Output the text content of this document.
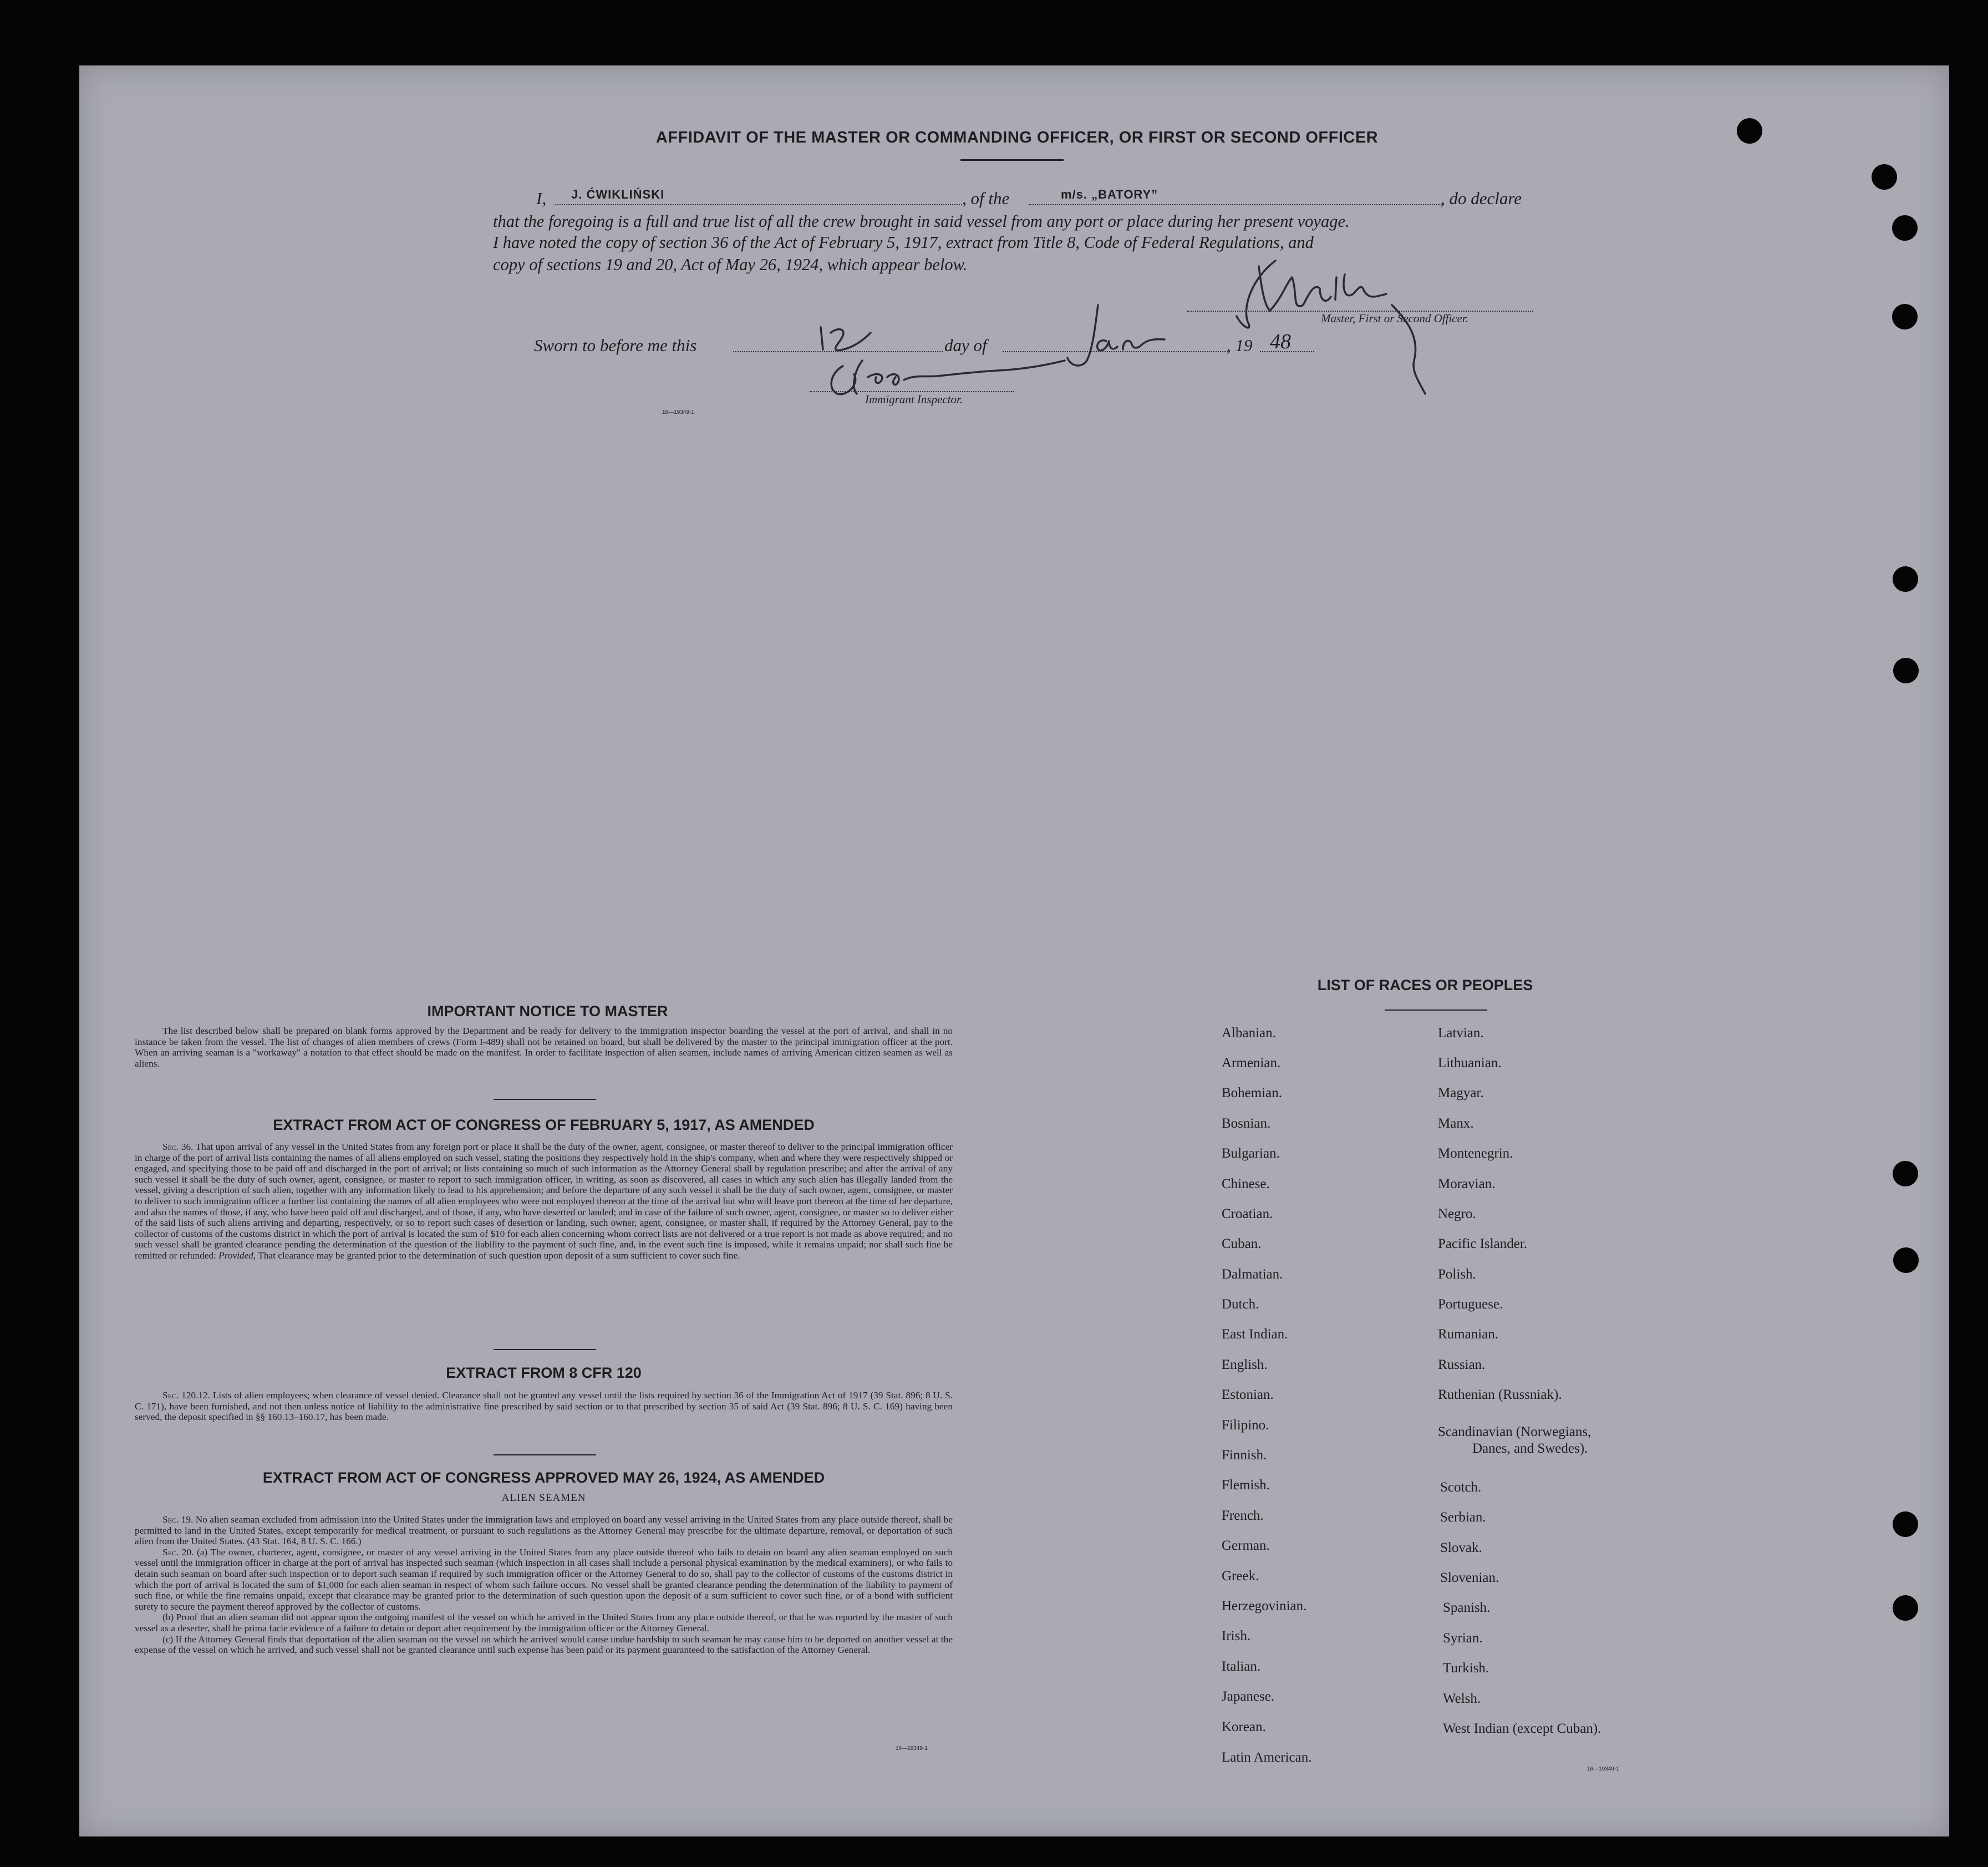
AFFIDAVIT OF THE MASTER OR COMMANDING OFFICER, OR FIRST OR SECOND OFFICER
I, J. ĆWIKLIŃSKI	, of the	m/s. „BATORY”	, do declare
that the foregoing is a full and true list of all the crew brought in said vessel from any port or place during her present voyage.
I have noted the copy of section 36 of the Act of February 5, 1917, extract from Title 8, Code of Federal Regulations, and
copy of sections 19 and 20, Act of May 26, 1924, which appear below.
Master, First or Second Officer.
Sworn to before me this	day of	, 19 48
Immigrant Inspector.
16—19349-1
IMPORTANT NOTICE TO MASTER
The list described below shall be prepared on blank forms approved by the Department and be ready for delivery to the immigration inspector boarding the vessel at the port of arrival, and shall in no instance be taken from the vessel. The list of changes of alien members of crews (Form I-489) shall not be retained on board, but shall be delivered by the master to the principal immigration officer at the port. When an arriving seaman is a "workaway" a notation to that effect should be made on the manifest. In order to facilitate inspection of alien seamen, include names of arriving American citizen seamen as well as aliens.
EXTRACT FROM ACT OF CONGRESS OF FEBRUARY 5, 1917, AS AMENDED
Sec. 36. That upon arrival of any vessel in the United States from any foreign port or place it shall be the duty of the owner, agent, consignee, or master thereof to deliver to the principal immigration officer in charge of the port of arrival lists containing the names of all aliens employed on such vessel, stating the positions they respectively hold in the ship's company, when and where they were respectively shipped or engaged, and specifying those to be paid off and discharged in the port of arrival; or lists containing so much of such information as the Attorney General shall by regulation prescribe; and after the arrival of any such vessel it shall be the duty of such owner, agent, consignee, or master to report to such immigration officer, in writing, as soon as discovered, all cases in which any such alien has illegally landed from the vessel, giving a description of such alien, together with any information likely to lead to his apprehension; and before the departure of any such vessel it shall be the duty of such owner, agent, consignee, or master to deliver to such immigration officer a further list containing the names of all alien employees who were not employed thereon at the time of the arrival but who will leave port thereon at the time of her departure, and also the names of those, if any, who have been paid off and discharged, and of those, if any, who have deserted or landed; and in case of the failure of such owner, agent, consignee, or master so to deliver either of the said lists of such aliens arriving and departing, respectively, or so to report such cases of desertion or landing, such owner, agent, consignee, or master shall, if required by the Attorney General, pay to the collector of customs of the customs district in which the port of arrival is located the sum of $10 for each alien concerning whom correct lists are not delivered or a true report is not made as above required; and no such vessel shall be granted clearance pending the determination of the question of the liability to the payment of such fine, and, in the event such fine is imposed, while it remains unpaid; nor shall such fine be remitted or refunded: Provided, That clearance may be granted prior to the determination of such question upon deposit of a sum sufficient to cover such fine.
EXTRACT FROM 8 CFR 120
Sec. 120.12. Lists of alien employees; when clearance of vessel denied. Clearance shall not be granted any vessel until the lists required by section 36 of the Immigration Act of 1917 (39 Stat. 896; 8 U. S. C. 171), have been furnished, and not then unless notice of liability to the administrative fine prescribed by said section or to that prescribed by section 35 of said Act (39 Stat. 896; 8 U. S. C. 169) having been served, the deposit specified in §§ 160.13–160.17, has been made.
EXTRACT FROM ACT OF CONGRESS APPROVED MAY 26, 1924, AS AMENDED
ALIEN SEAMEN
Sec. 19. No alien seaman excluded from admission into the United States under the immigration laws and employed on board any vessel arriving in the United States from any place outside thereof, shall be permitted to land in the United States, except temporarily for medical treatment, or pursuant to such regulations as the Attorney General may prescribe for the ultimate departure, removal, or deportation of such alien from the United States. (43 Stat. 164, 8 U. S. C. 166.)
Sec. 20. (a) The owner, charterer, agent, consignee, or master of any vessel arriving in the United States from any place outside thereof who fails to detain on board any alien seaman employed on such vessel until the immigration officer in charge at the port of arrival has inspected such seaman (which inspection in all cases shall include a personal physical examination by the medical examiners), or who fails to detain such seaman on board after such inspection or to deport such seaman if required by such immigration officer or the Attorney General to do so, shall pay to the collector of customs of the customs district in which the port of arrival is located the sum of $1,000 for each alien seaman in respect of whom such failure occurs. No vessel shall be granted clearance pending the determination of the liability to payment of such fine, or while the fine remains unpaid, except that clearance may be granted prior to the determination of such question upon the deposit of a sum sufficient to cover such fine, or of a bond with sufficient surety to secure the payment thereof approved by the collector of customs.
(b) Proof that an alien seaman did not appear upon the outgoing manifest of the vessel on which he arrived in the United States from any place outside thereof, or that he was reported by the master of such vessel as a deserter, shall be prima facie evidence of a failure to detain or deport after requirement by the immigration officer or the Attorney General.
(c) If the Attorney General finds that deportation of the alien seaman on the vessel on which he arrived would cause undue hardship to such seaman he may cause him to be deported on another vessel at the expense of the vessel on which he arrived, and such vessel shall not be granted clearance until such expense has been paid or its payment guaranteed to the satisfaction of the Attorney General.
16—19349-1
LIST OF RACES OR PEOPLES
Albanian.
Armenian.
Bohemian.
Bosnian.
Bulgarian.
Chinese.
Croatian.
Cuban.
Dalmatian.
Dutch.
East Indian.
English.
Estonian.
Filipino.
Finnish.
Flemish.
French.
German.
Greek.
Herzegovinian.
Irish.
Italian.
Japanese.
Korean.
Latin American.
Latvian.
Lithuanian.
Magyar.
Manx.
Montenegrin.
Moravian.
Negro.
Pacific Islander.
Polish.
Portuguese.
Rumanian.
Russian.
Ruthenian (Russniak).
Scandinavian (Norwegians,
Danes, and Swedes).
Scotch.
Serbian.
Slovak.
Slovenian.
Spanish.
Syrian.
Turkish.
Welsh.
West Indian (except Cuban).
16—19349-1
